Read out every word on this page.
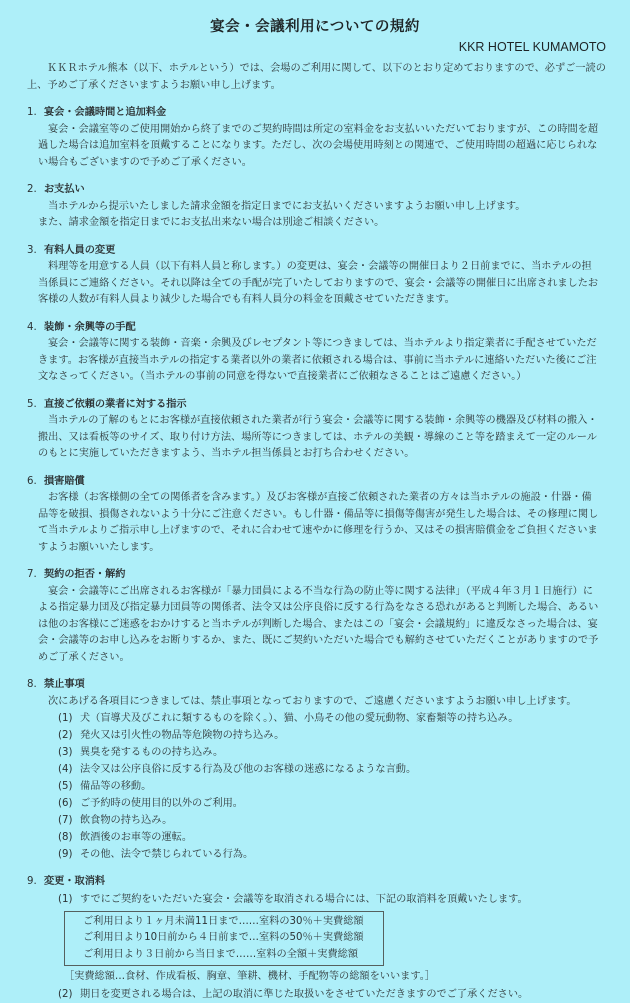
宴会・会議利用についての規約
KKR HOTEL KUMAMOTO
ＫＫＲホテル熊本（以下、ホテルという）では、会場のご利用に関して、以下のとおり定めておりますので、必ずご一読の
上、予めご了承くださいますようお願い申し上げます。
1. 宴会・会議時間と追加料金
宴会・会議室等のご使用開始から終了までのご契約時間は所定の室料金をお支払いいただいておりますが、この時間を超
過した場合は追加室料を頂戴することになります。ただし、次の会場使用時刻との関連で、ご使用時間の超過に応じられな
い場合もございますので予めご了承ください。
2. お支払い
当ホテルから提示いたしました請求金額を指定日までにお支払いくださいますようお願い申し上げます。
また、請求金額を指定日までにお支払出来ない場合は別途ご相談ください。
3. 有料人員の変更
料理等を用意する人員（以下有料人員と称します。）の変更は、宴会・会議等の開催日より２日前までに、当ホテルの担
当係員にご連絡ください。それ以降は全ての手配が完了いたしておりますので、宴会・会議等の開催日に出席されましたお
客様の人数が有料人員より減少した場合でも有料人員分の料金を頂戴させていただきます。
4. 装飾・余興等の手配
宴会・会議等に関する装飾・音楽・余興及びレセプタント等につきましては、当ホテルより指定業者に手配させていただ
きます。お客様が直接当ホテルの指定する業者以外の業者に依頼される場合は、事前に当ホテルに連絡いただいた後にご注
文なさってください。（当ホテルの事前の同意を得ないで直接業者にご依頼なさることはご遠慮ください。）
5. 直接ご依頼の業者に対する指示
当ホテルの了解のもとにお客様が直接依頼された業者が行う宴会・会議等に関する装飾・余興等の機器及び材料の搬入・
搬出、又は看板等のサイズ、取り付け方法、場所等につきましては、ホテルの美観・導線のこと等を踏まえて一定のルール
のもとに実施していただきますよう、当ホテル担当係員とお打ち合わせください。
6. 損害賠償
お客様（お客様側の全ての関係者を含みます。）及びお客様が直接ご依頼された業者の方々は当ホテルの施設・什器・備
品等を破損、損傷されないよう十分にご注意ください。もし什器・備品等に損傷等傷害が発生した場合は、その修理に関し
て当ホテルよりご指示申し上げますので、それに合わせて速やかに修理を行うか、又はその損害賠償金をご負担くださいま
すようお願いいたします。
7. 契約の拒否・解約
宴会・会議等にご出席されるお客様が「暴力団員による不当な行為の防止等に関する法律」（平成４年３月１日施行）に
よる指定暴力団及び指定暴力団員等の関係者、法令又は公序良俗に反する行為をなさる恐れがあると判断した場合、あるい
は他のお客様にご迷惑をおかけすると当ホテルが判断した場合、またはこの「宴会・会議規約」に違反なさった場合は、宴
会・会議等のお申し込みをお断りするか、また、既にご契約いただいた場合でも解約させていただくことがありますので予
めご了承ください。
8. 禁止事項
次にあげる各項目につきましては、禁止事項となっておりますので、ご遠慮くださいますようお願い申し上げます。
(1) 犬（盲導犬及びこれに類するものを除く。）、猫、小鳥その他の愛玩動物、家畜類等の持ち込み。
(2) 発火又は引火性の物品等危険物の持ち込み。
(3) 異臭を発するものの持ち込み。
(4) 法令又は公序良俗に反する行為及び他のお客様の迷惑になるような言動。
(5) 備品等の移動。
(6) ご予約時の使用目的以外のご利用。
(7) 飲食物の持ち込み。
(8) 飲酒後のお車等の運転。
(9) その他、法令で禁じられている行為。
9. 変更・取消料
(1) すでにご契約をいただいた宴会・会議等を取消される場合には、下記の取消料を頂戴いたします。
ご利用日より１ヶ月未満11日まで……室料の30％＋実費総額
ご利用日より10日前から４日前まで…室料の50％＋実費総額
ご利用日より３日前から当日まで……室料の全額＋実費総額
［実費総額…食材、作成看板、胸章、筆耕、機材、手配物等の総額をいいます。］
(2) 期日を変更される場合は、上記の取消に準じた取扱いをさせていただきますのでご了承ください。
